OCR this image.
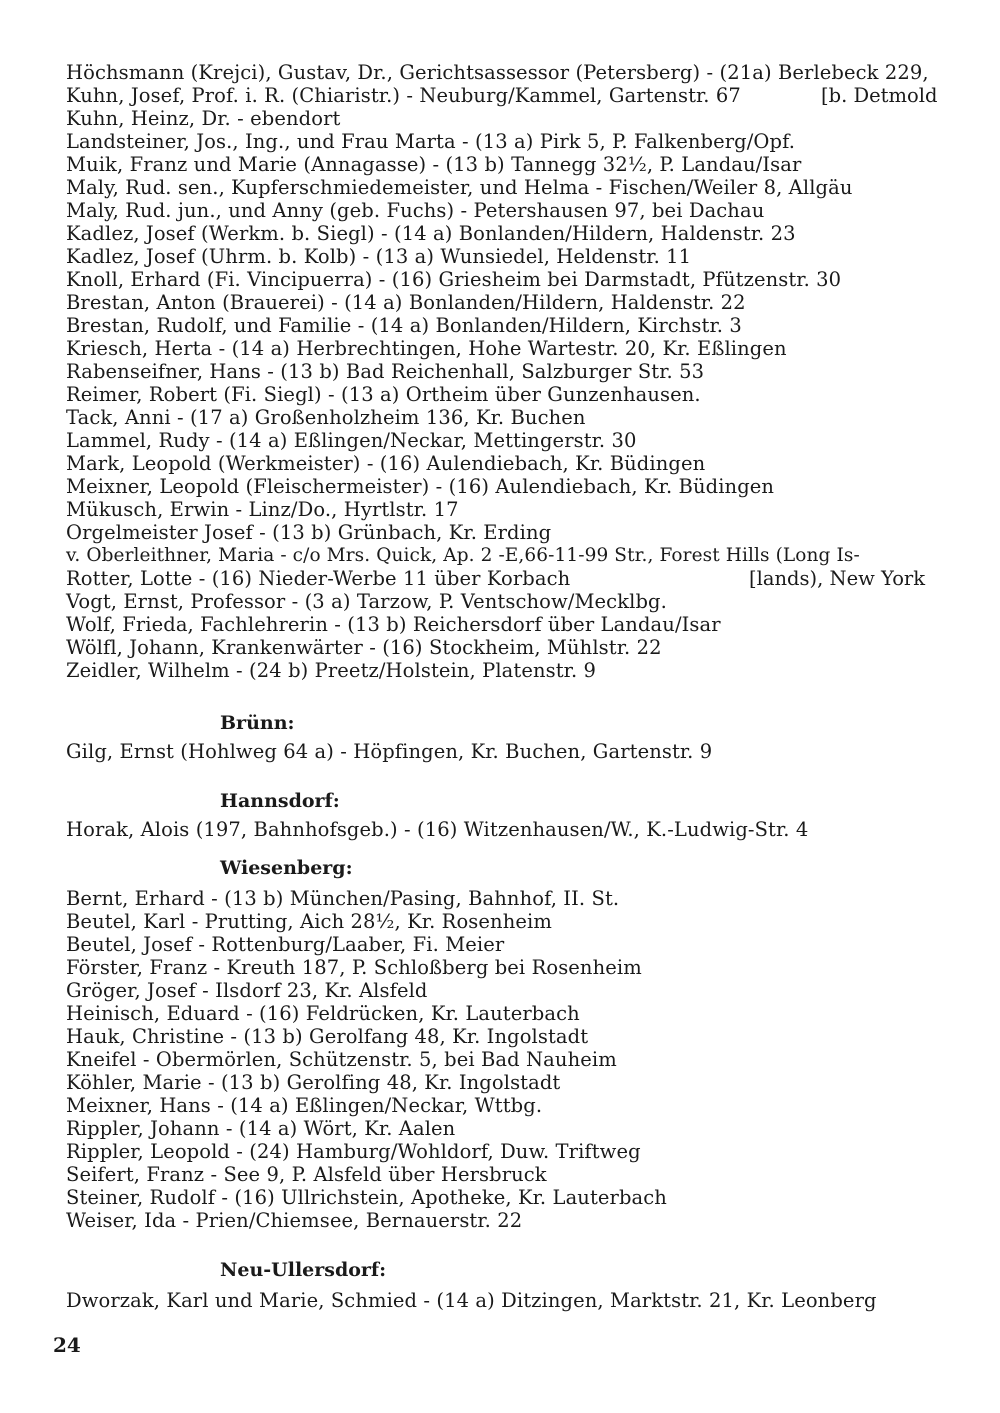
Höchsmann (Krejci), Gustav, Dr., Gerichtsassessor (Petersberg) - (21a) Berlebeck 229,
Kuhn, Josef, Prof. i. R. (Chiaristr.) - Neuburg/Kammel, Gartenstr. 67	[b. Detmold
Kuhn, Heinz, Dr. - ebendort
Landsteiner, Jos., Ing., und Frau Marta - (13 a) Pirk 5, P. Falkenberg/Opf.
Muik, Franz und Marie (Annagasse) - (13 b) Tannegg 32½, P. Landau/Isar
Maly, Rud. sen., Kupferschmiedemeister, und Helma - Fischen/Weiler 8, Allgäu
Maly, Rud. jun., und Anny (geb. Fuchs) - Petershausen 97, bei Dachau
Kadlez, Josef (Werkm. b. Siegl) - (14 a) Bonlanden/Hildern, Haldenstr. 23
Kadlez, Josef (Uhrm. b. Kolb) - (13 a) Wunsiedel, Heldenstr. 11
Knoll, Erhard (Fi. Vincipuerra) - (16) Griesheim bei Darmstadt, Pfützenstr. 30
Brestan, Anton (Brauerei) - (14 a) Bonlanden/Hildern, Haldenstr. 22
Brestan, Rudolf, und Familie - (14 a) Bonlanden/Hildern, Kirchstr. 3
Kriesch, Herta - (14 a) Herbrechtingen, Hohe Wartestr. 20, Kr. Eßlingen
Rabenseifner, Hans - (13 b) Bad Reichenhall, Salzburger Str. 53
Reimer, Robert (Fi. Siegl) - (13 a) Ortheim über Gunzenhausen.
Tack, Anni - (17 a) Großenholzheim 136, Kr. Buchen
Lammel, Rudy - (14 a) Eßlingen/Neckar, Mettingerstr. 30
Mark, Leopold (Werkmeister) - (16) Aulendiebach, Kr. Büdingen
Meixner, Leopold (Fleischermeister) - (16) Aulendiebach, Kr. Büdingen
Mükusch, Erwin - Linz/Do., Hyrtlstr. 17
Orgelmeister Josef - (13 b) Grünbach, Kr. Erding
v. Oberleithner, Maria - c/o Mrs. Quick, Ap. 2 -E,66-11-99 Str., Forest Hills (Long Is-
Rotter, Lotte - (16) Nieder-Werbe 11 über Korbach	[lands), New York
Vogt, Ernst, Professor - (3 a) Tarzow, P. Ventschow/Mecklbg.
Wolf, Frieda, Fachlehrerin - (13 b) Reichersdorf über Landau/Isar
Wölfl, Johann, Krankenwärter - (16) Stockheim, Mühlstr. 22
Zeidler, Wilhelm - (24 b) Preetz/Holstein, Platenstr. 9
Brünn:
Gilg, Ernst (Hohlweg 64 a) - Höpfingen, Kr. Buchen, Gartenstr. 9
Hannsdorf:
Horak, Alois (197, Bahnhofsgeb.) - (16) Witzenhausen/W., K.-Ludwig-Str. 4
Wiesenberg:
Bernt, Erhard - (13 b) München/Pasing, Bahnhof, II. St.
Beutel, Karl - Prutting, Aich 28½, Kr. Rosenheim
Beutel, Josef - Rottenburg/Laaber, Fi. Meier
Förster, Franz - Kreuth 187, P. Schloßberg bei Rosenheim
Gröger, Josef - Ilsdorf 23, Kr. Alsfeld
Heinisch, Eduard - (16) Feldrücken, Kr. Lauterbach
Hauk, Christine - (13 b) Gerolfang 48, Kr. Ingolstadt
Kneifel - Obermörlen, Schützenstr. 5, bei Bad Nauheim
Köhler, Marie - (13 b) Gerolfing 48, Kr. Ingolstadt
Meixner, Hans - (14 a) Eßlingen/Neckar, Wttbg.
Rippler, Johann - (14 a) Wört, Kr. Aalen
Rippler, Leopold - (24) Hamburg/Wohldorf, Duw. Triftweg
Seifert, Franz - See 9, P. Alsfeld über Hersbruck
Steiner, Rudolf - (16) Ullrichstein, Apotheke, Kr. Lauterbach
Weiser, Ida - Prien/Chiemsee, Bernauerstr. 22
Neu-Ullersdorf:
Dworzak, Karl und Marie, Schmied - (14 a) Ditzingen, Marktstr. 21, Kr. Leonberg
24
